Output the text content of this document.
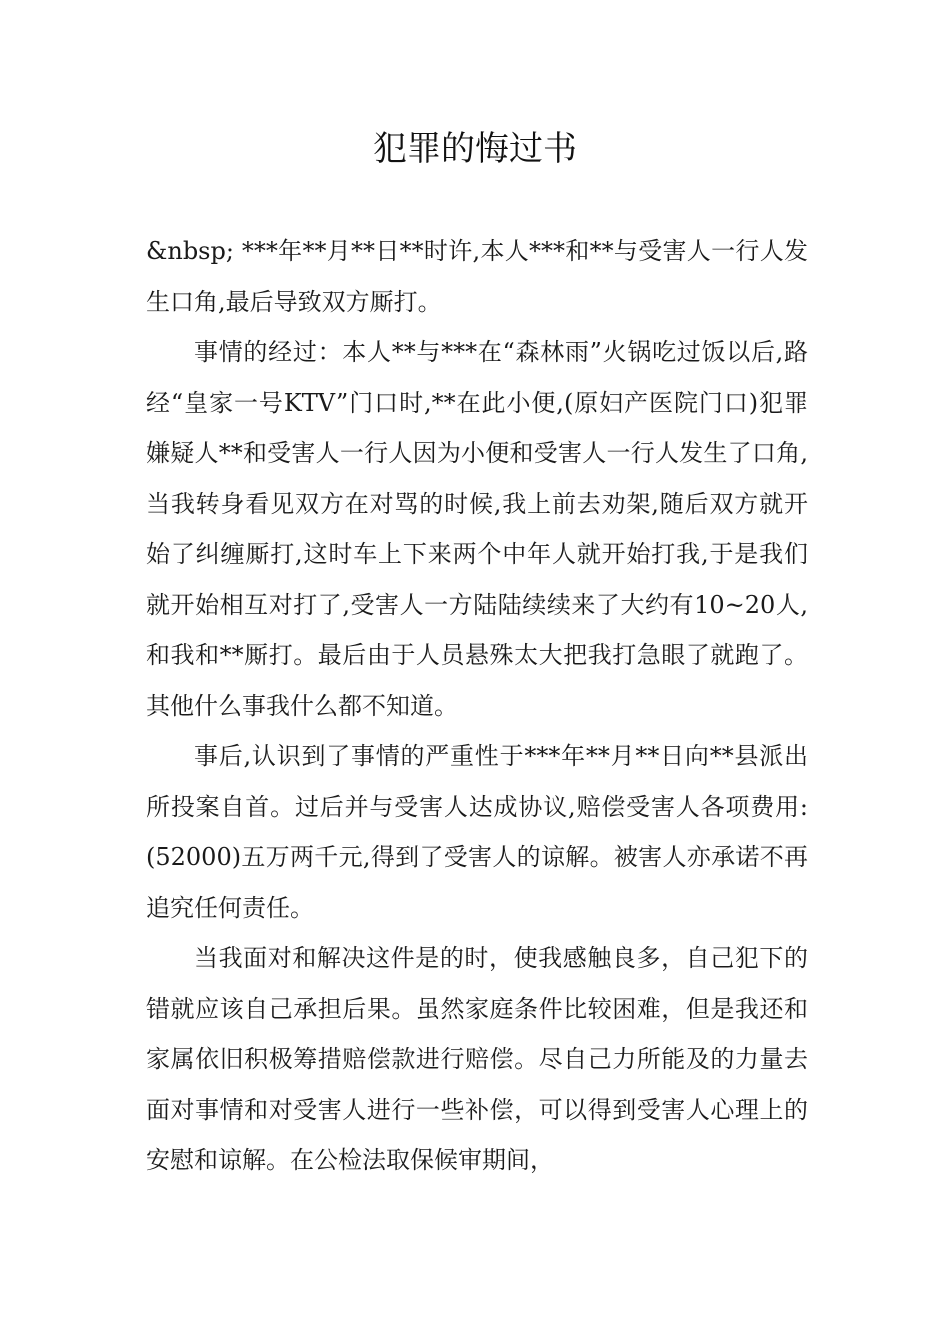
犯罪的悔过书

&nbsp; ***年**月**日**时许,本人***和**与受害人一行人发生口角,最后导致双方厮打。

事情的经过：本人**与***在“森林雨”火锅吃过饭以后,路经“皇家一号KTV”门口时,**在此小便,(原妇产医院门口)犯罪嫌疑人**和受害人一行人因为小便和受害人一行人发生了口角,当我转身看见双方在对骂的时候,我上前去劝架,随后双方就开始了纠缠厮打,这时车上下来两个中年人就开始打我,于是我们就开始相互对打了,受害人一方陆陆续续来了大约有10~20人,和我和**厮打。最后由于人员悬殊太大把我打急眼了就跑了。其他什么事我什么都不知道。

事后,认识到了事情的严重性于***年**月**日向**县派出所投案自首。过后并与受害人达成协议,赔偿受害人各项费用: (52000)五万两千元,得到了受害人的谅解。被害人亦承诺不再追究任何责任。

当我面对和解决这件是的时，使我感触良多，自己犯下的错就应该自己承担后果。虽然家庭条件比较困难，但是我还和家属依旧积极筹措赔偿款进行赔偿。尽自己力所能及的力量去面对事情和对受害人进行一些补偿，可以得到受害人心理上的安慰和谅解。在公检法取保候审期间，
